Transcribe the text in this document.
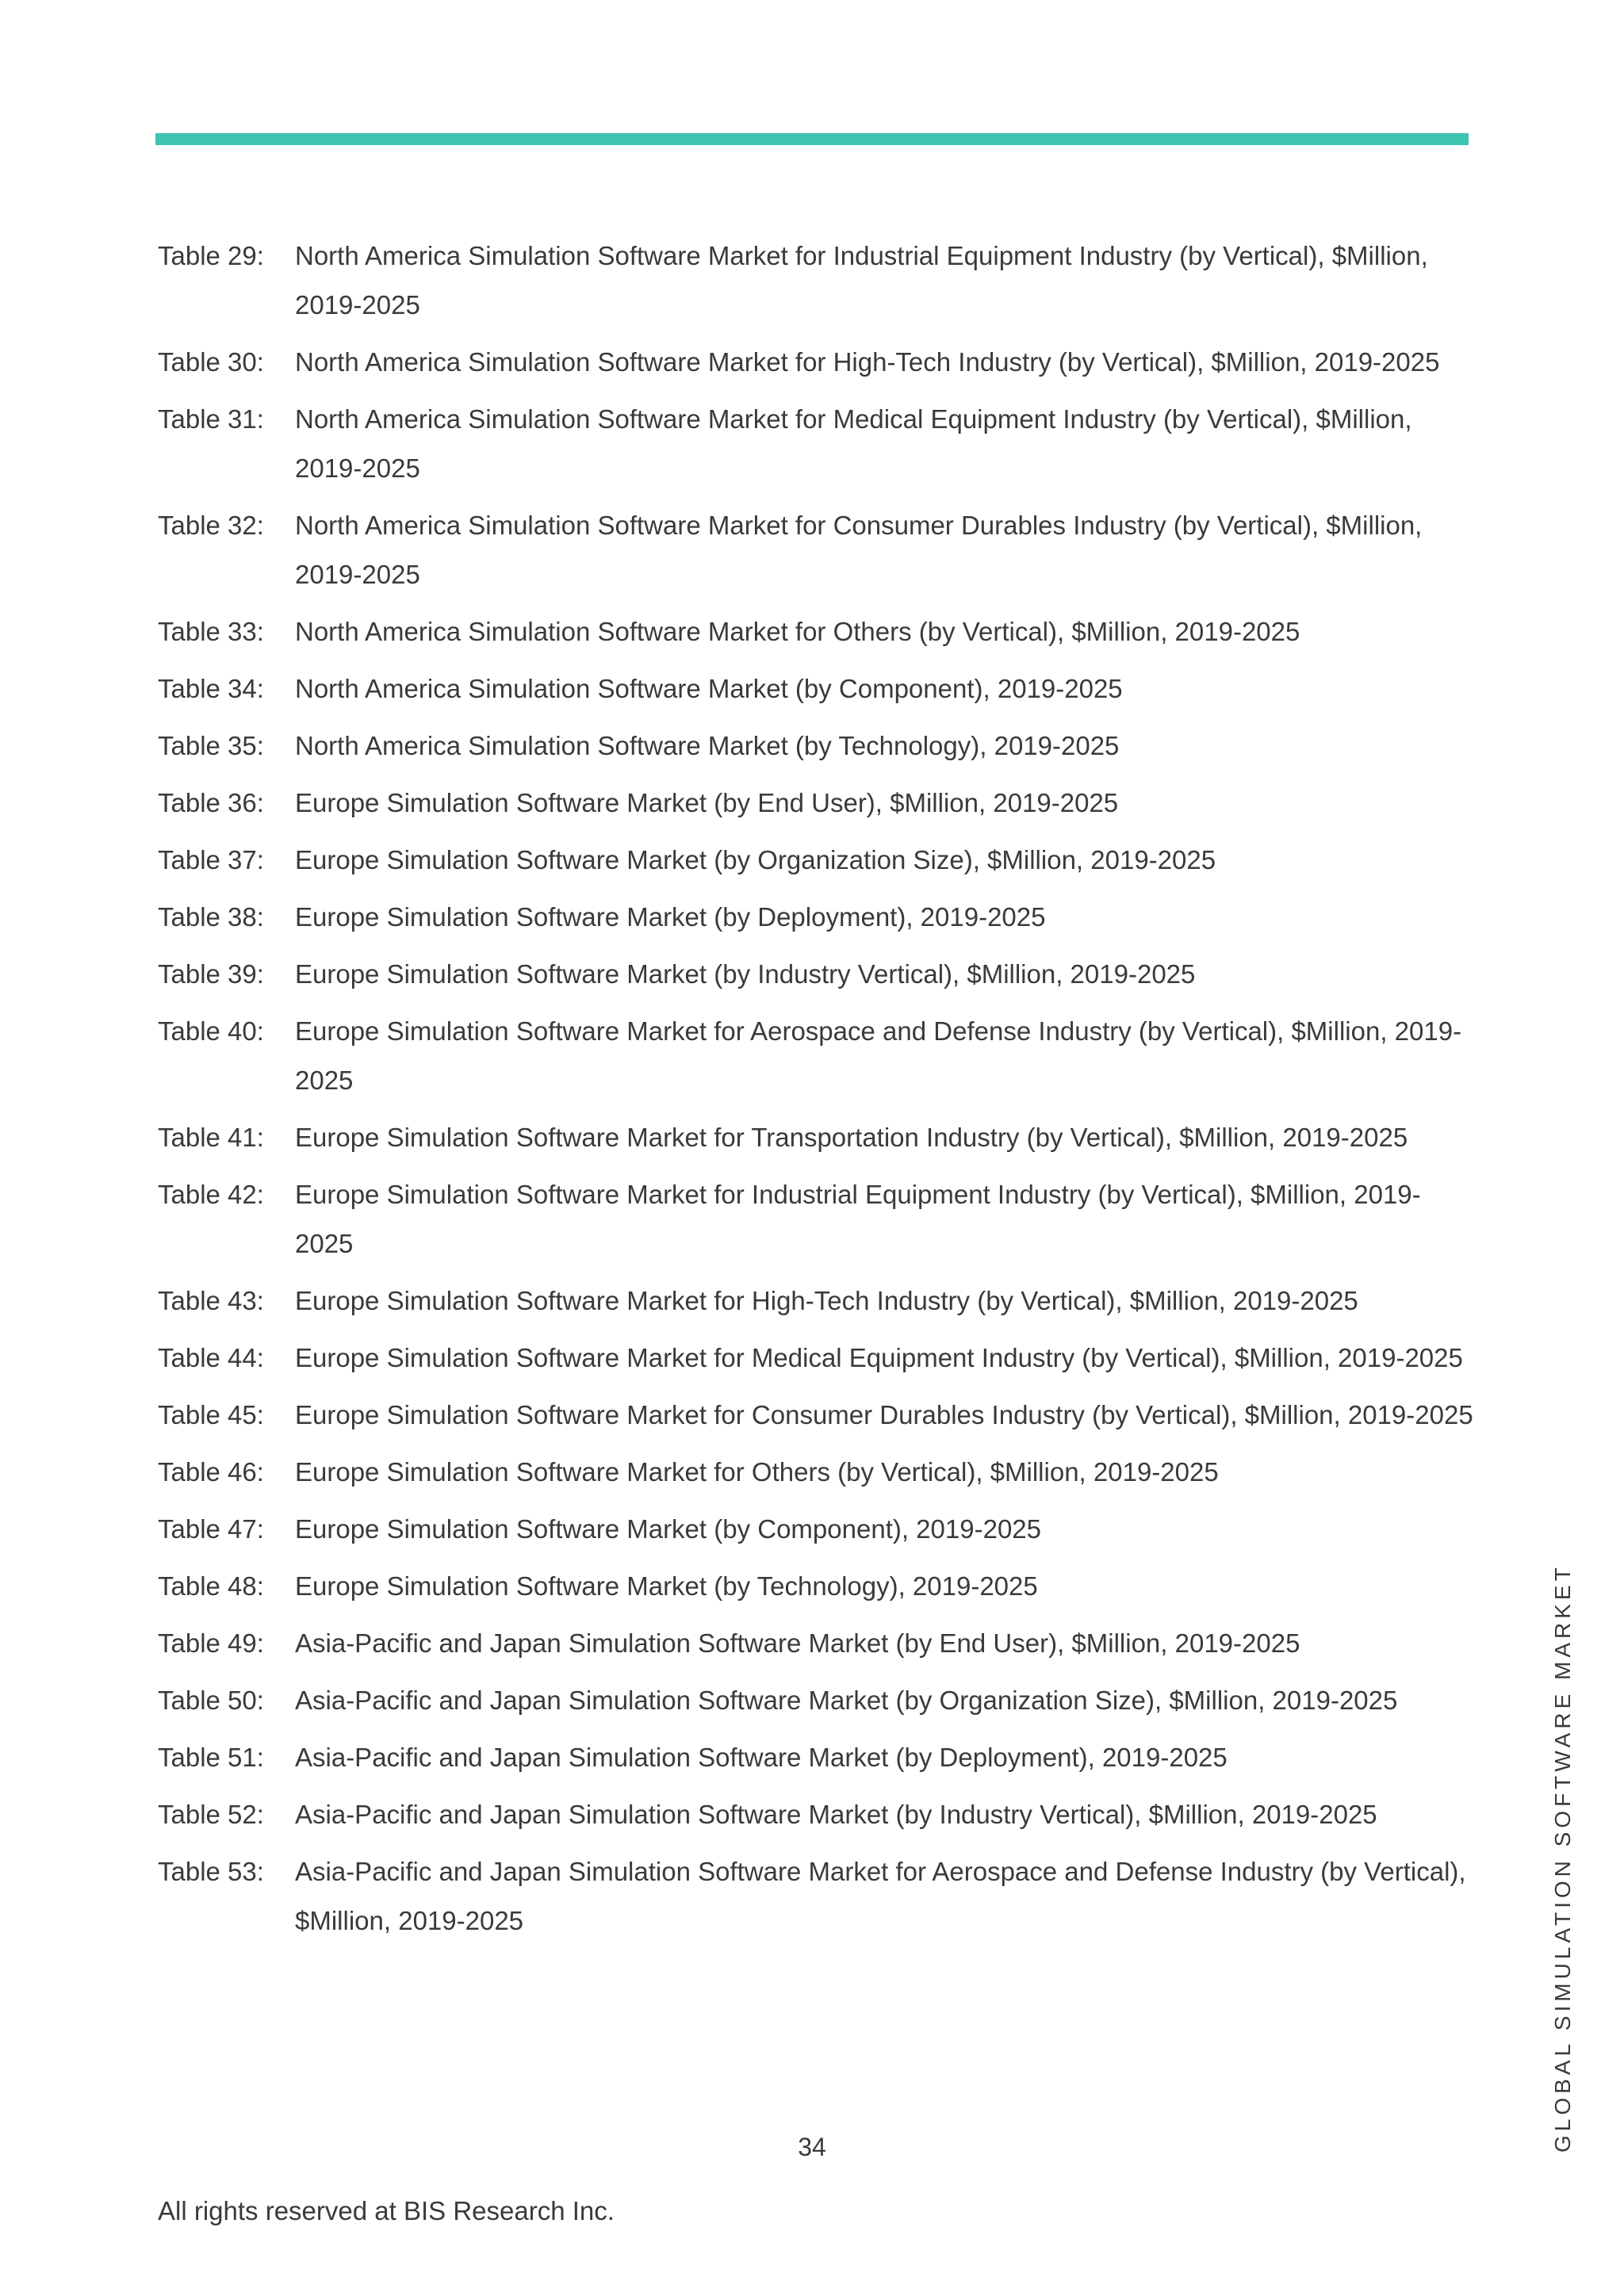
Table 29:	North America Simulation Software Market for Industrial Equipment Industry (by Vertical), $Million, 2019-2025
Table 30:	North America Simulation Software Market for High-Tech Industry (by Vertical), $Million, 2019-2025
Table 31:	North America Simulation Software Market for Medical Equipment Industry (by Vertical), $Million, 2019-2025
Table 32:	North America Simulation Software Market for Consumer Durables Industry (by Vertical), $Million, 2019-2025
Table 33:	North America Simulation Software Market for Others (by Vertical), $Million, 2019-2025
Table 34:	North America Simulation Software Market (by Component), 2019-2025
Table 35:	North America Simulation Software Market (by Technology), 2019-2025
Table 36:	Europe Simulation Software Market (by End User), $Million, 2019-2025
Table 37:	Europe Simulation Software Market (by Organization Size), $Million, 2019-2025
Table 38:	Europe Simulation Software Market (by Deployment), 2019-2025
Table 39:	Europe Simulation Software Market (by Industry Vertical), $Million, 2019-2025
Table 40:	Europe Simulation Software Market for Aerospace and Defense Industry (by Vertical), $Million, 2019-2025
Table 41:	Europe Simulation Software Market for Transportation Industry (by Vertical), $Million, 2019-2025
Table 42:	Europe Simulation Software Market for Industrial Equipment Industry (by Vertical), $Million, 2019-2025
Table 43:	Europe Simulation Software Market for High-Tech Industry (by Vertical), $Million, 2019-2025
Table 44:	Europe Simulation Software Market for Medical Equipment Industry (by Vertical), $Million, 2019-2025
Table 45:	Europe Simulation Software Market for Consumer Durables Industry (by Vertical), $Million, 2019-2025
Table 46:	Europe Simulation Software Market for Others (by Vertical), $Million, 2019-2025
Table 47:	Europe Simulation Software Market (by Component), 2019-2025
Table 48:	Europe Simulation Software Market (by Technology), 2019-2025
Table 49:	Asia-Pacific and Japan Simulation Software Market (by End User), $Million, 2019-2025
Table 50:	Asia-Pacific and Japan Simulation Software Market (by Organization Size), $Million, 2019-2025
Table 51:	Asia-Pacific and Japan Simulation Software Market (by Deployment), 2019-2025
Table 52:	Asia-Pacific and Japan Simulation Software Market (by Industry Vertical), $Million, 2019-2025
Table 53:	Asia-Pacific and Japan Simulation Software Market for Aerospace and Defense Industry (by Vertical), $Million, 2019-2025
34
All rights reserved at BIS Research Inc.
GLOBAL SIMULATION SOFTWARE MARKET
